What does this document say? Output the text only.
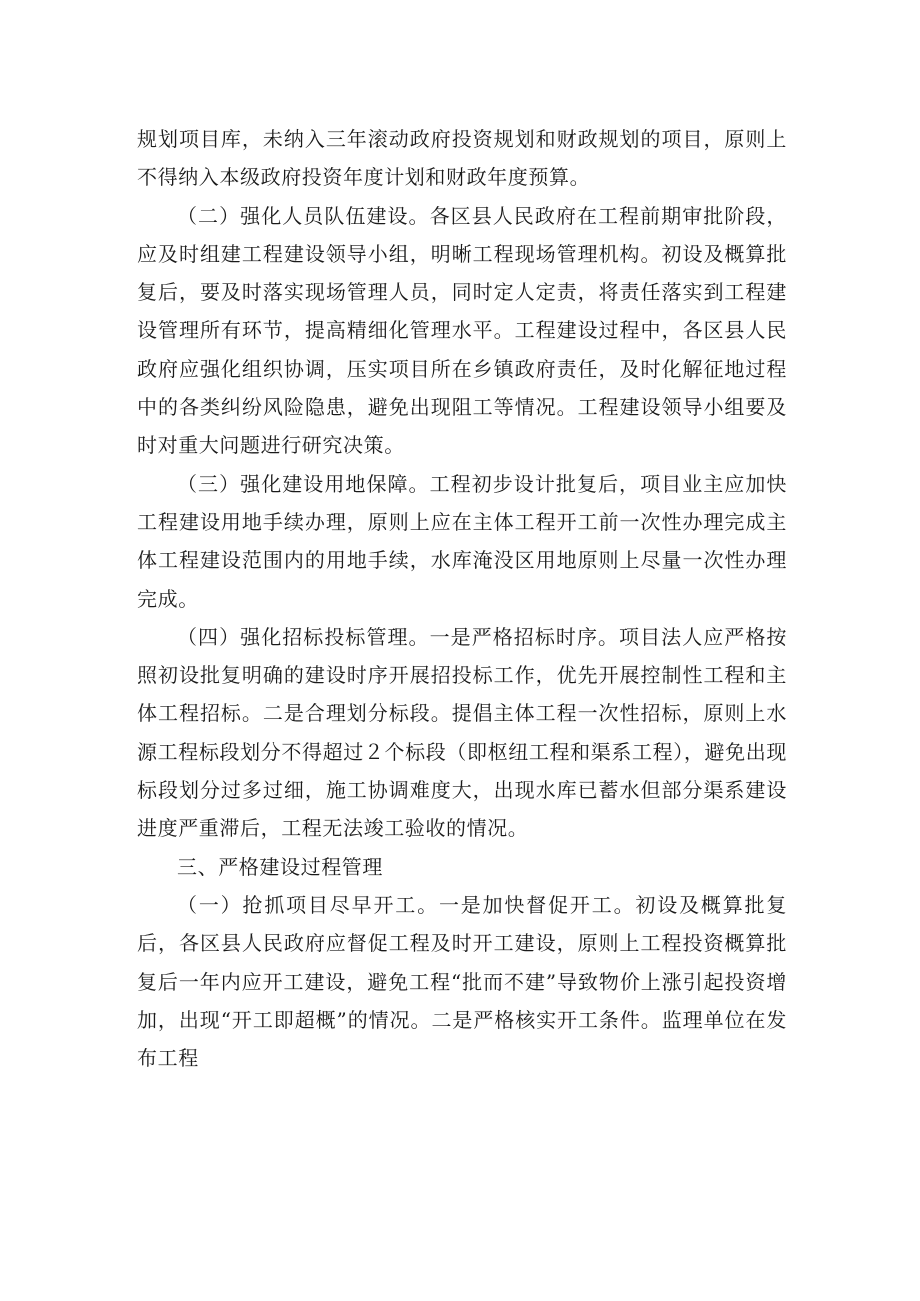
规划项目库，未纳入三年滚动政府投资规划和财政规划的项目，原则上不得纳入本级政府投资年度计划和财政年度预算。

（二）强化人员队伍建设。各区县人民政府在工程前期审批阶段，应及时组建工程建设领导小组，明晰工程现场管理机构。初设及概算批复后，要及时落实现场管理人员，同时定人定责，将责任落实到工程建设管理所有环节，提高精细化管理水平。工程建设过程中，各区县人民政府应强化组织协调，压实项目所在乡镇政府责任，及时化解征地过程中的各类纠纷风险隐患，避免出现阻工等情况。工程建设领导小组要及时对重大问题进行研究决策。

（三）强化建设用地保障。工程初步设计批复后，项目业主应加快工程建设用地手续办理，原则上应在主体工程开工前一次性办理完成主体工程建设范围内的用地手续，水库淹没区用地原则上尽量一次性办理完成。

（四）强化招标投标管理。一是严格招标时序。项目法人应严格按照初设批复明确的建设时序开展招投标工作，优先开展控制性工程和主体工程招标。二是合理划分标段。提倡主体工程一次性招标，原则上水源工程标段划分不得超过２个标段（即枢纽工程和渠系工程），避免出现标段划分过多过细，施工协调难度大，出现水库已蓄水但部分渠系建设进度严重滞后，工程无法竣工验收的情况。

三、严格建设过程管理

（一）抢抓项目尽早开工。一是加快督促开工。初设及概算批复后，各区县人民政府应督促工程及时开工建设，原则上工程投资概算批复后一年内应开工建设，避免工程“批而不建”导致物价上涨引起投资增加，出现“开工即超概”的情况。二是严格核实开工条件。监理单位在发布工程
